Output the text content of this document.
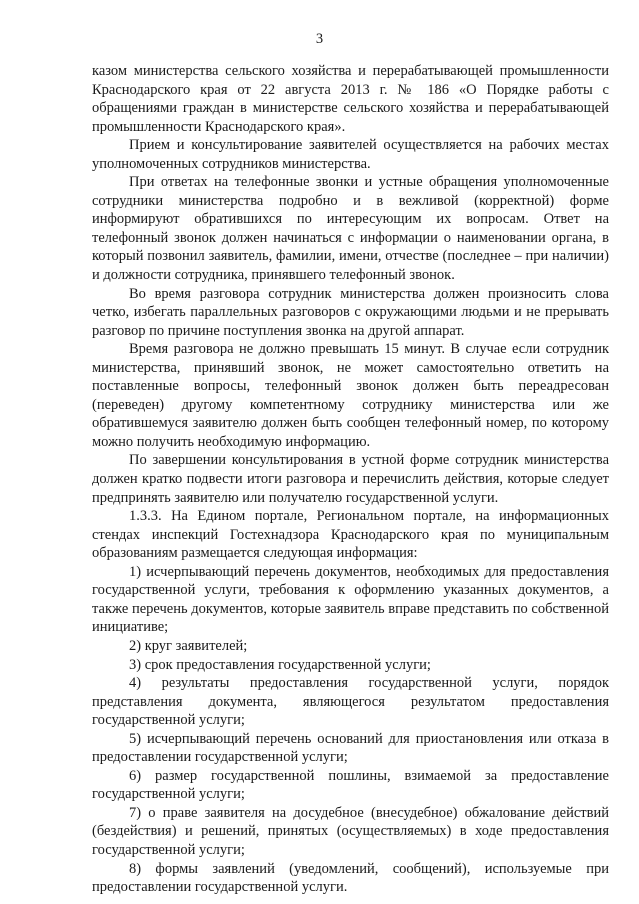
3

казом министерства сельского хозяйства и перерабатывающей промышленности Краснодарского края от 22 августа 2013 г. № 186 «О Порядке работы с обращениями граждан в министерстве сельского хозяйства и перерабатывающей промышленности Краснодарского края».

Прием и консультирование заявителей осуществляется на рабочих местах уполномоченных сотрудников министерства.

При ответах на телефонные звонки и устные обращения уполномоченные сотрудники министерства подробно и в вежливой (корректной) форме информируют обратившихся по интересующим их вопросам. Ответ на телефонный звонок должен начинаться с информации о наименовании органа, в который позвонил заявитель, фамилии, имени, отчестве (последнее – при наличии) и должности сотрудника, принявшего телефонный звонок.

Во время разговора сотрудник министерства должен произносить слова четко, избегать параллельных разговоров с окружающими людьми и не прерывать разговор по причине поступления звонка на другой аппарат.

Время разговора не должно превышать 15 минут. В случае если сотрудник министерства, принявший звонок, не может самостоятельно ответить на поставленные вопросы, телефонный звонок должен быть переадресован (переведен) другому компетентному сотруднику министерства или же обратившемуся заявителю должен быть сообщен телефонный номер, по которому можно получить необходимую информацию.

По завершении консультирования в устной форме сотрудник министерства должен кратко подвести итоги разговора и перечислить действия, которые следует предпринять заявителю или получателю государственной услуги.

1.3.3. На Едином портале, Региональном портале, на информационных стендах инспекций Гостехнадзора Краснодарского края по муниципальным образованиям размещается следующая информация:

1) исчерпывающий перечень документов, необходимых для предоставления государственной услуги, требования к оформлению указанных документов, а также перечень документов, которые заявитель вправе представить по собственной инициативе;

2) круг заявителей;

3) срок предоставления государственной услуги;

4) результаты предоставления государственной услуги, порядок представления документа, являющегося результатом предоставления государственной услуги;

5) исчерпывающий перечень оснований для приостановления или отказа в предоставлении государственной услуги;

6) размер государственной пошлины, взимаемой за предоставление государственной услуги;

7) о праве заявителя на досудебное (внесудебное) обжалование действий (бездействия) и решений, принятых (осуществляемых) в ходе предоставления государственной услуги;

8) формы заявлений (уведомлений, сообщений), используемые при предоставлении государственной услуги.
